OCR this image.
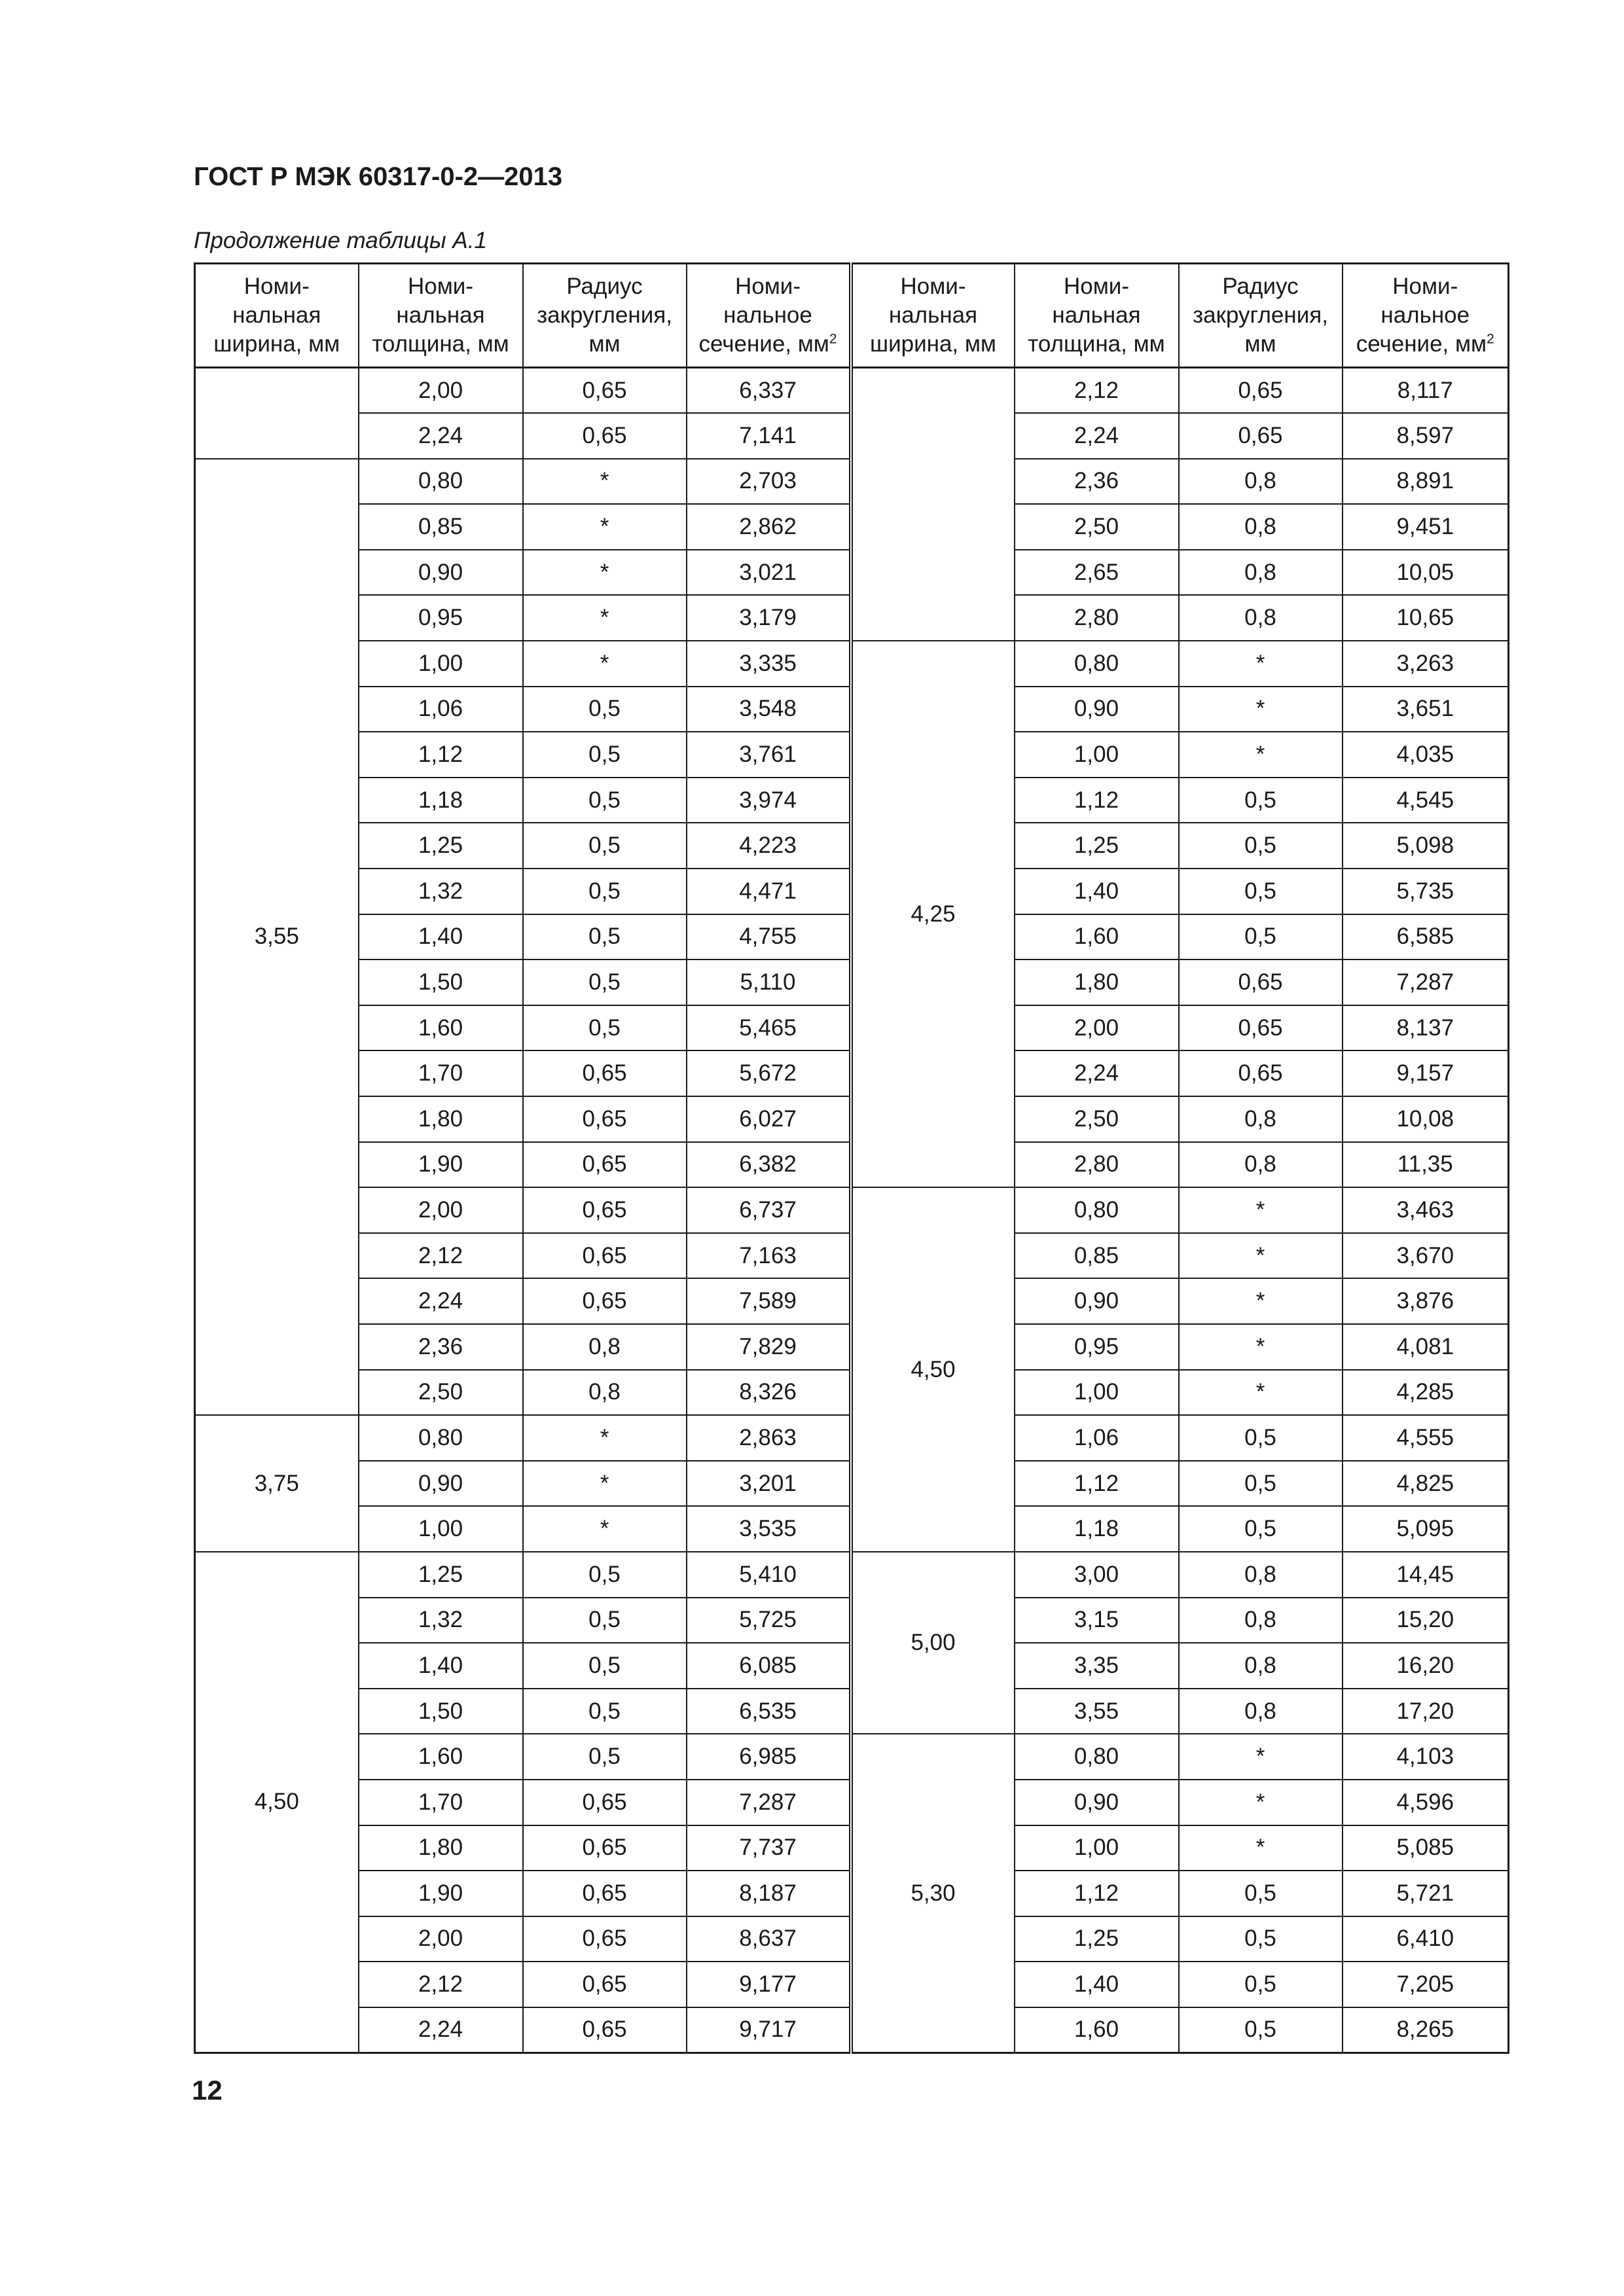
ГОСТ Р МЭК 60317-0-2—2013
Продолжение таблицы А.1
Номи-
нальная
ширина, мм	Номи-
нальная
толщина, мм	Радиус
закругления,
мм	Номи-
нальное
сечение, $мм^2$	Номи-
нальная
ширина, мм	Номи-
нальная
толщина, мм	Радиус
закругления,
мм	Номи-
нальное
сечение, $мм^2$

	2,00	0,65	6,337		2,12	0,65	8,117
	2,24	0,65	7,141		2,24	0,65	8,597
3,55	0,80	*	2,703		2,36	0,8	8,891
	0,85	*	2,862		2,50	0,8	9,451
	0,90	*	3,021		2,65	0,8	10,05
	0,95	*	3,179		2,80	0,8	10,65
	1,00	*	3,335	4,25	0,80	*	3,263
	1,06	0,5	3,548		0,90	*	3,651
	1,12	0,5	3,761		1,00	*	4,035
	1,18	0,5	3,974		1,12	0,5	4,545
	1,25	0,5	4,223		1,25	0,5	5,098
	1,32	0,5	4,471		1,40	0,5	5,735
	1,40	0,5	4,755		1,60	0,5	6,585
	1,50	0,5	5,110		1,80	0,65	7,287
	1,60	0,5	5,465		2,00	0,65	8,137
	1,70	0,65	5,672		2,24	0,65	9,157
	1,80	0,65	6,027		2,50	0,8	10,08
	1,90	0,65	6,382		2,80	0,8	11,35
	2,00	0,65	6,737	4,50	0,80	*	3,463
	2,12	0,65	7,163		0,85	*	3,670
	2,24	0,65	7,589		0,90	*	3,876
	2,36	0,8	7,829		0,95	*	4,081
	2,50	0,8	8,326		1,00	*	4,285
3,75	0,80	*	2,863		1,06	0,5	4,555
	0,90	*	3,201		1,12	0,5	4,825
	1,00	*	3,535		1,18	0,5	5,095
4,50	1,25	0,5	5,410	5,00	3,00	0,8	14,45
	1,32	0,5	5,725		3,15	0,8	15,20
	1,40	0,5	6,085		3,35	0,8	16,20
	1,50	0,5	6,535		3,55	0,8	17,20
	1,60	0,5	6,985	5,30	0,80	*	4,103
	1,70	0,65	7,287		0,90	*	4,596
	1,80	0,65	7,737		1,00	*	5,085
	1,90	0,65	8,187		1,12	0,5	5,721
	2,00	0,65	8,637		1,25	0,5	6,410
	2,12	0,65	9,177		1,40	0,5	7,205
	2,24	0,65	9,717		1,60	0,5	8,265
12
